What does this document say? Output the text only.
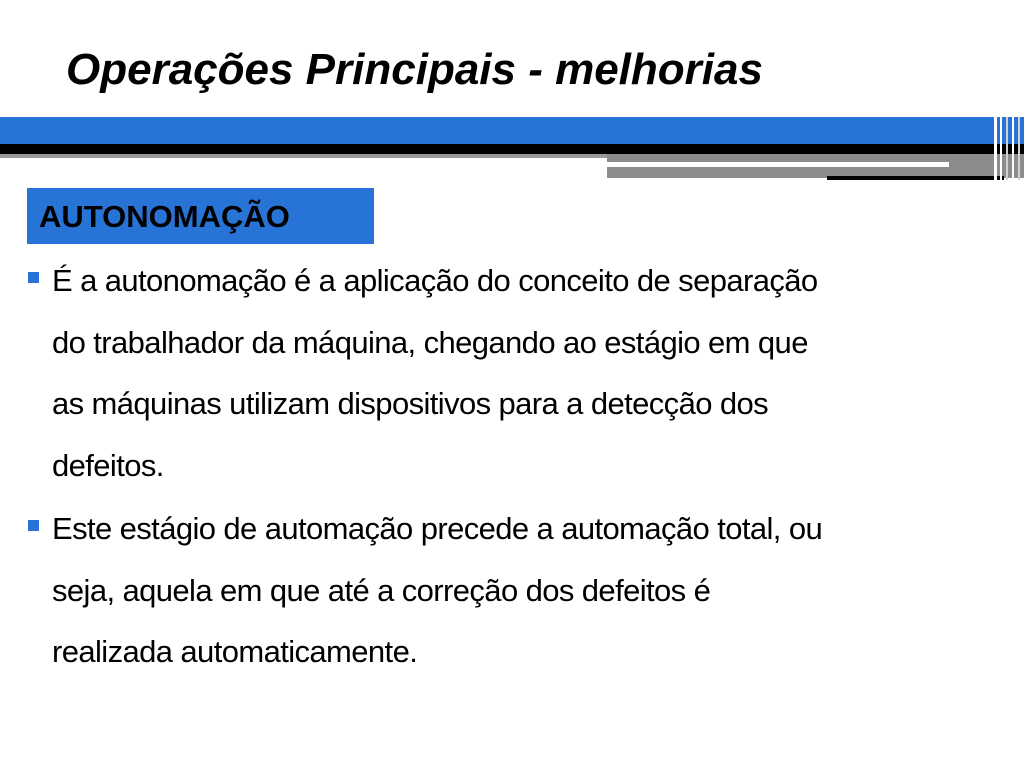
Operações Principais - melhorias
AUTONOMAÇÃO
É a autonomação é a aplicação do conceito de separação
do trabalhador da máquina, chegando ao estágio em que
as máquinas utilizam dispositivos para a detecção dos
defeitos.
Este estágio de automação precede a automação total, ou
seja, aquela em que até a correção dos defeitos é
realizada automaticamente.
